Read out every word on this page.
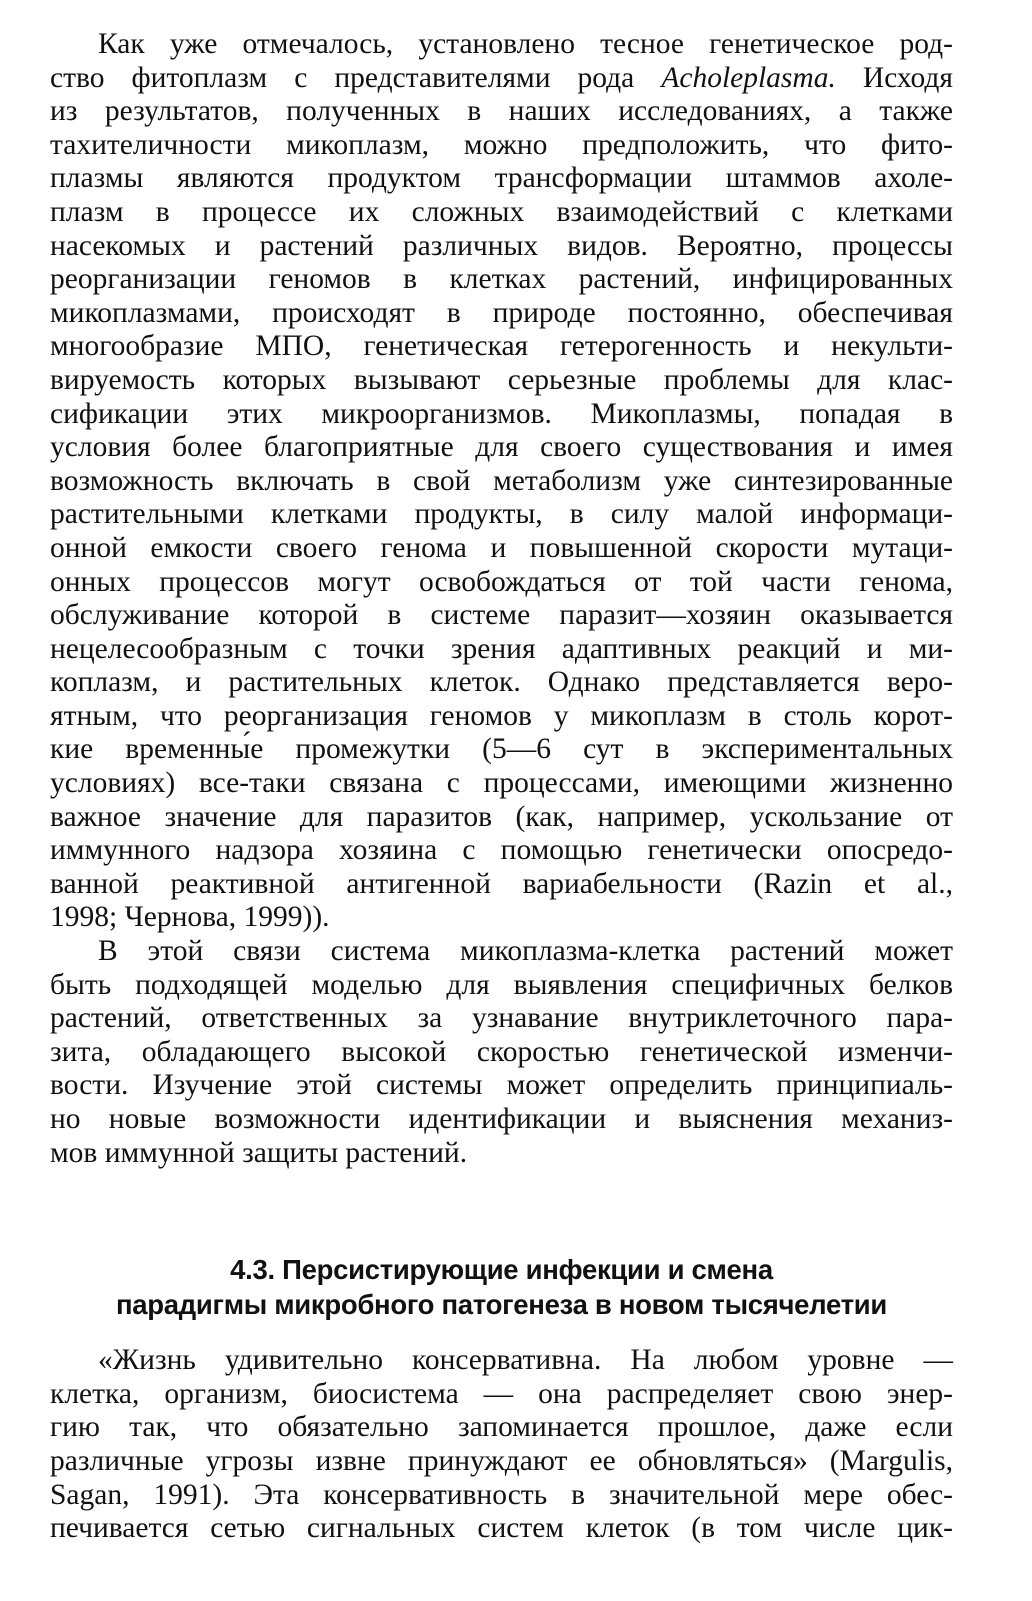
Как уже отмечалось, установлено тесное генетическое род-
ство фитоплазм с представителями рода Acholeplasma. Исходя
из результатов, полученных в наших исследованиях, а также
тахителичности микоплазм, можно предположить, что фито-
плазмы являются продуктом трансформации штаммов ахоле-
плазм в процессе их сложных взаимодействий с клетками
насекомых и растений различных видов. Вероятно, процессы
реорганизации геномов в клетках растений, инфицированных
микоплазмами, происходят в природе постоянно, обеспечивая
многообразие МПО, генетическая гетерогенность и некульти-
вируемость которых вызывают серьезные проблемы для клас-
сификации этих микроорганизмов. Микоплазмы, попадая в
условия более благоприятные для своего существования и имея
возможность включать в свой метаболизм уже синтезированные
растительными клетками продукты, в силу малой информаци-
онной емкости своего генома и повышенной скорости мутаци-
онных процессов могут освобождаться от той части генома,
обслуживание которой в системе паразит—хозяин оказывается
нецелесообразным с точки зрения адаптивных реакций и ми-
коплазм, и растительных клеток. Однако представляется веро-
ятным, что реорганизация геномов у микоплазм в столь корот-
кие временны́е промежутки (5—6 сут в экспериментальных
условиях) все-таки связана с процессами, имеющими жизненно
важное значение для паразитов (как, например, ускользание от
иммунного надзора хозяина с помощью генетически опосредо-
ванной реактивной антигенной вариабельности (Razin et al.,
1998; Чернова, 1999)).
В этой связи система микоплазма-клетка растений может
быть подходящей моделью для выявления специфичных белков
растений, ответственных за узнавание внутриклеточного пара-
зита, обладающего высокой скоростью генетической изменчи-
вости. Изучение этой системы может определить принципиаль-
но новые возможности идентификации и выяснения механиз-
мов иммунной защиты растений.
4.3. Персистирующие инфекции и смена
парадигмы микробного патогенеза в новом тысячелетии
«Жизнь удивительно консервативна. На любом уровне —
клетка, организм, биосистема — она распределяет свою энер-
гию так, что обязательно запоминается прошлое, даже если
различные угрозы извне принуждают ее обновляться» (Margulis,
Sagan, 1991). Эта консервативность в значительной мере обес-
печивается сетью сигнальных систем клеток (в том числе цик-
